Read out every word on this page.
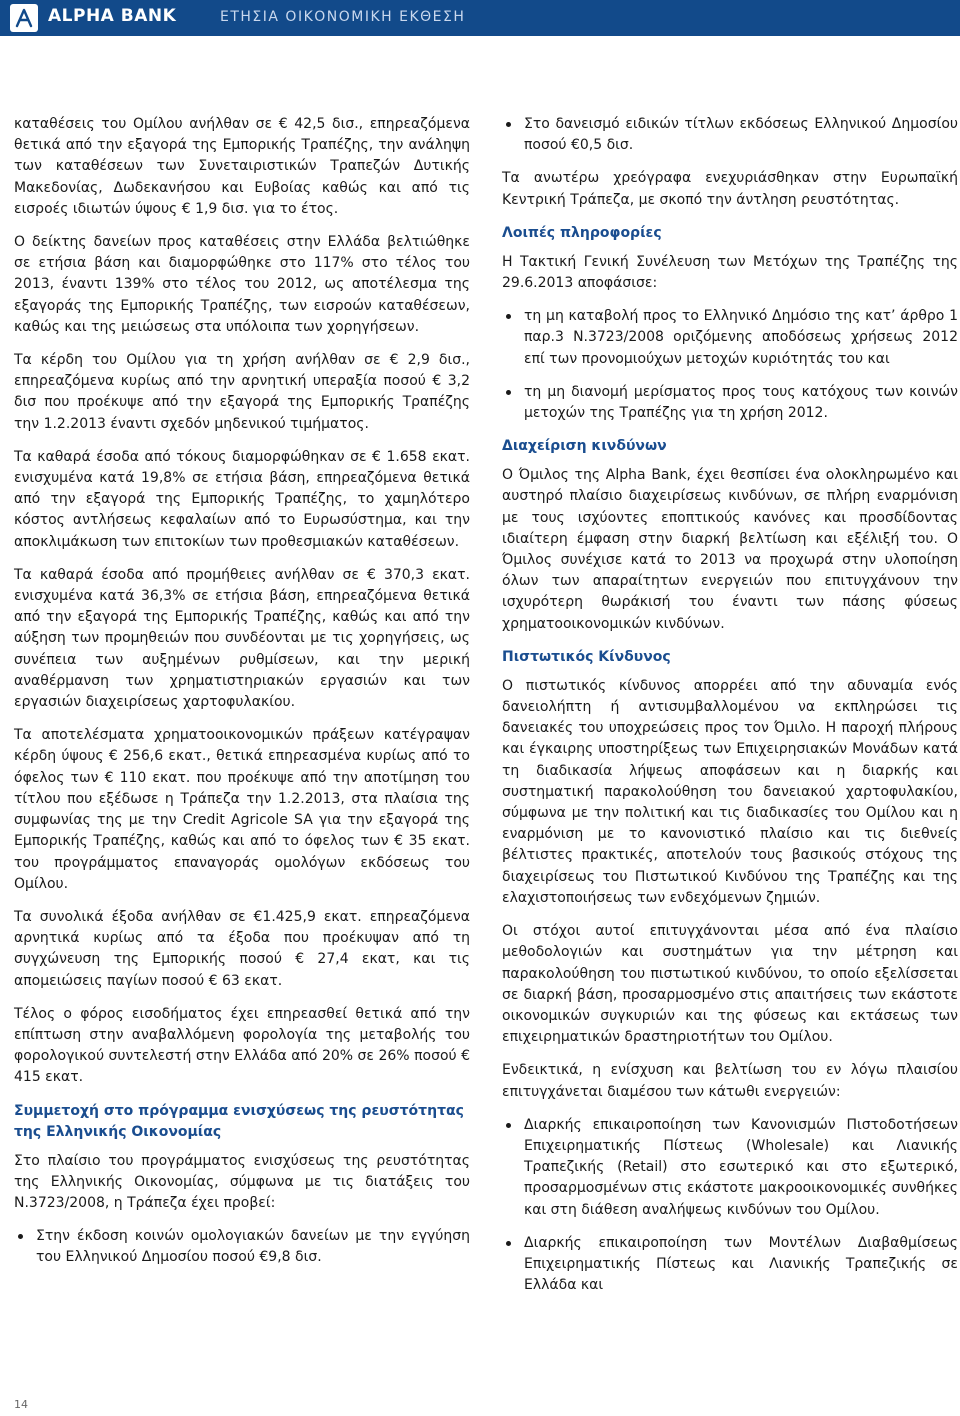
ALPHA BANK	ΕΤΗΣΙΑ ΟΙΚΟΝΟΜΙΚΗ ΕΚΘΕΣΗ

καταθέσεις του Ομίλου ανήλθαν σε € 42,5 δισ., επηρεαζόμενα θετικά από την εξαγορά της Εμπορικής Τραπέζης, την ανάληψη των καταθέσεων των Συνεταιριστικών Τραπεζών Δυτικής Μακεδονίας, Δωδεκανήσου και Ευβοίας καθώς και από τις εισροές ιδιωτών ύψους € 1,9 δισ. για το έτος.

Ο δείκτης δανείων προς καταθέσεις στην Ελλάδα βελτιώθηκε σε ετήσια βάση και διαμορφώθηκε στο 117% στο τέλος του 2013, έναντι 139% στο τέλος του 2012, ως αποτέλεσμα της εξαγοράς της Εμπορικής Τραπέζης, των εισροών καταθέσεων, καθώς και της μειώσεως στα υπόλοιπα των χορηγήσεων.

Τα κέρδη του Ομίλου για τη χρήση ανήλθαν σε € 2,9 δισ., επηρεαζόμενα κυρίως από την αρνητική υπεραξία ποσού € 3,2 δισ που προέκυψε από την εξαγορά της Εμπορικής Τραπέζης την 1.2.2013 έναντι σχεδόν μηδενικού τιμήματος.

Τα καθαρά έσοδα από τόκους διαμορφώθηκαν σε € 1.658 εκατ. ενισχυμένα κατά 19,8% σε ετήσια βάση, επηρεαζόμενα θετικά από την εξαγορά της Εμπορικής Τραπέζης, το χαμηλότερο κόστος αντλήσεως κεφαλαίων από το Ευρωσύστημα, και την αποκλιμάκωση των επιτοκίων των προθεσμιακών καταθέσεων.

Τα καθαρά έσοδα από προμήθειες ανήλθαν σε € 370,3 εκατ. ενισχυμένα κατά 36,3% σε ετήσια βάση, επηρεαζόμενα θετικά από την εξαγορά της Εμπορικής Τραπέζης, καθώς και από την αύξηση των προμηθειών που συνδέονται με τις χορηγήσεις, ως συνέπεια των αυξημένων ρυθμίσεων, και την μερική αναθέρμανση των χρηματιστηριακών εργασιών και των εργασιών διαχειρίσεως χαρτοφυλακίου.

Τα αποτελέσματα χρηματοοικονομικών πράξεων κατέγραψαν κέρδη ύψους € 256,6 εκατ., θετικά επηρεασμένα κυρίως από το όφελος των € 110 εκατ. που προέκυψε από την αποτίμηση του τίτλου που εξέδωσε η Τράπεζα την 1.2.2013, στα πλαίσια της συμφωνίας της με την Credit Agricole SA για την εξαγορά της Εμπορικής Τραπέζης, καθώς και από το όφελος των € 35 εκατ. του προγράμματος επαναγοράς ομολόγων εκδόσεως του Ομίλου.

Τα συνολικά έξοδα ανήλθαν σε €1.425,9 εκατ. επηρεαζόμενα αρνητικά κυρίως από τα έξοδα που προέκυψαν από τη συγχώνευση της Εμπορικής ποσού € 27,4 εκατ, και τις απομειώσεις παγίων ποσού € 63 εκατ.

Τέλος ο φόρος εισοδήματος έχει επηρεασθεί θετικά από την επίπτωση στην αναβαλλόμενη φορολογία της μεταβολής του φορολογικού συντελεστή στην Ελλάδα από 20% σε 26% ποσού € 415 εκατ.

Συμμετοχή στο πρόγραμμα ενισχύσεως της ρευστότητας της Ελληνικής Οικονομίας

Στο πλαίσιο του προγράμματος ενισχύσεως της ρευστότητας της Ελληνικής Οικονομίας, σύμφωνα με τις διατάξεις του Ν.3723/2008, η Τράπεζα έχει προβεί:

Στην έκδοση κοινών ομολογιακών δανείων με την εγγύηση του Ελληνικού Δημοσίου ποσού €9,8 δισ.
Στο δανεισμό ειδικών τίτλων εκδόσεως Ελληνικού Δημοσίου ποσού €0,5 δισ.

Τα ανωτέρω χρεόγραφα ενεχυριάσθηκαν στην Ευρωπαϊκή Κεντρική Τράπεζα, με σκοπό την άντληση ρευστότητας.

Λοιπές πληροφορίες

Η Τακτική Γενική Συνέλευση των Μετόχων της Τραπέζης της 29.6.2013 αποφάσισε:

τη μη καταβολή προς το Ελληνικό Δημόσιο της κατ’ άρθρο 1 παρ.3 Ν.3723/2008 οριζόμενης αποδόσεως χρήσεως 2012 επί των προνομιούχων μετοχών κυριότητάς του και
τη μη διανομή μερίσματος προς τους κατόχους των κοινών μετοχών της Τραπέζης για τη χρήση 2012.
Διαχείριση κινδύνων

Ο Όμιλος της Alpha Bank, έχει θεσπίσει ένα ολοκληρωμένο και αυστηρό πλαίσιο διαχειρίσεως κινδύνων, σε πλήρη εναρμόνιση με τους ισχύοντες εποπτικούς κανόνες και προσδίδοντας ιδιαίτερη έμφαση στην διαρκή βελτίωση και εξέλιξή του. Ο Όμιλος συνέχισε κατά το 2013 να προχωρά στην υλοποίηση όλων των απαραίτητων ενεργειών που επιτυγχάνουν την ισχυρότερη θωράκισή του έναντι των πάσης φύσεως χρηματοοικονομικών κινδύνων.

Πιστωτικός Κίνδυνος

Ο πιστωτικός κίνδυνος απορρέει από την αδυναμία ενός δανειολήπτη ή αντισυμβαλλομένου να εκπληρώσει τις δανειακές του υποχρεώσεις προς τον Όμιλο. Η παροχή πλήρους και έγκαιρης υποστηρίξεως των Επιχειρησιακών Μονάδων κατά τη διαδικασία λήψεως αποφάσεων και η διαρκής και συστηματική παρακολούθηση του δανειακού χαρτοφυλακίου, σύμφωνα με την πολιτική και τις διαδικασίες του Ομίλου και η εναρμόνιση με το κανονιστικό πλαίσιο και τις διεθνείς βέλτιστες πρακτικές, αποτελούν τους βασικούς στόχους της διαχειρίσεως του Πιστωτικού Κινδύνου της Τραπέζης και της ελαχιστοποιήσεως των ενδεχόμενων ζημιών.

Οι στόχοι αυτοί επιτυγχάνονται μέσα από ένα πλαίσιο μεθοδολογιών και συστημάτων για την μέτρηση και παρακολούθηση του πιστωτικού κινδύνου, το οποίο εξελίσσεται σε διαρκή βάση, προσαρμοσμένο στις απαιτήσεις των εκάστοτε οικονομικών συγκυριών και της φύσεως και εκτάσεως των επιχειρηματικών δραστηριοτήτων του Ομίλου.

Ενδεικτικά, η ενίσχυση και βελτίωση του εν λόγω πλαισίου επιτυγχάνεται διαμέσου των κάτωθι ενεργειών:

Διαρκής επικαιροποίηση των Κανονισμών Πιστοδοτήσεων Επιχειρηματικής Πίστεως (Wholesale) και Λιανικής Τραπεζικής (Retail) στο εσωτερικό και στο εξωτερικό, προσαρμοσμένων στις εκάστοτε μακροοικονομικές συνθήκες και στη διάθεση αναλήψεως κινδύνων του Ομίλου.
Διαρκής επικαιροποίηση των Μοντέλων Διαβαθμίσεως Επιχειρηματικής Πίστεως και Λιανικής Τραπεζικής σε Ελλάδα και
14
